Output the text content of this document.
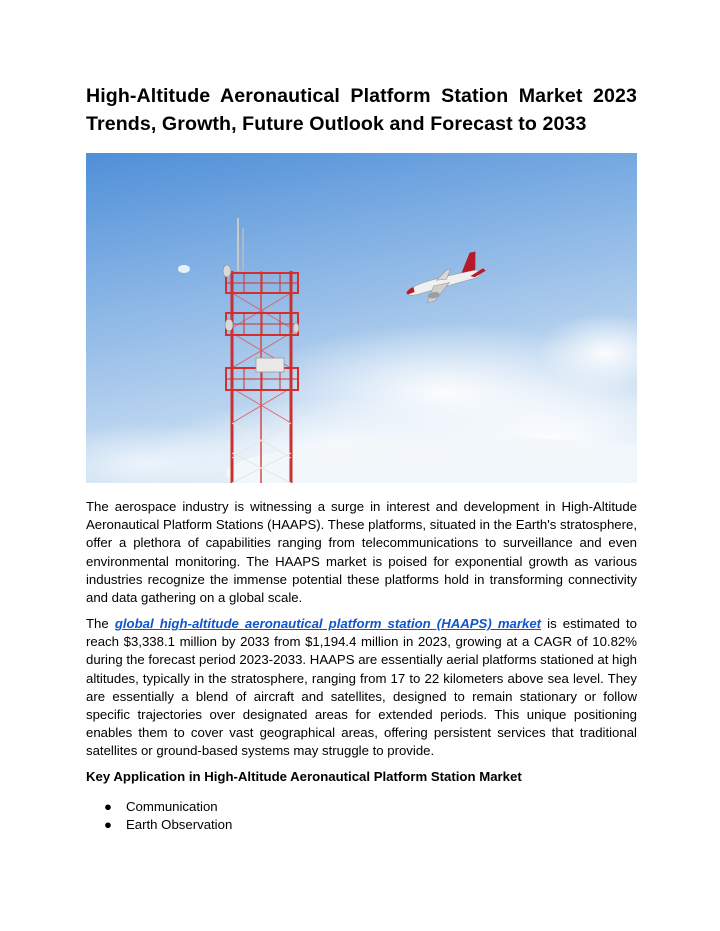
High-Altitude Aeronautical Platform Station Market 2023 Trends, Growth, Future Outlook and Forecast to 2033

The aerospace industry is witnessing a surge in interest and development in High-Altitude Aeronautical Platform Stations (HAAPS). These platforms, situated in the Earth's stratosphere, offer a plethora of capabilities ranging from telecommunications to surveillance and even environmental monitoring. The HAAPS market is poised for exponential growth as various industries recognize the immense potential these platforms hold in transforming connectivity and data gathering on a global scale.

The global high-altitude aeronautical platform station (HAAPS) market is estimated to reach $3,338.1 million by 2033 from $1,194.4 million in 2023, growing at a CAGR of 10.82% during the forecast period 2023-2033. HAAPS are essentially aerial platforms stationed at high altitudes, typically in the stratosphere, ranging from 17 to 22 kilometers above sea level. They are essentially a blend of aircraft and satellites, designed to remain stationary or follow specific trajectories over designated areas for extended periods. This unique positioning enables them to cover vast geographical areas, offering persistent services that traditional satellites or ground-based systems may struggle to provide.

Key Application in High-Altitude Aeronautical Platform Station Market
● Communication
● Earth Observation
